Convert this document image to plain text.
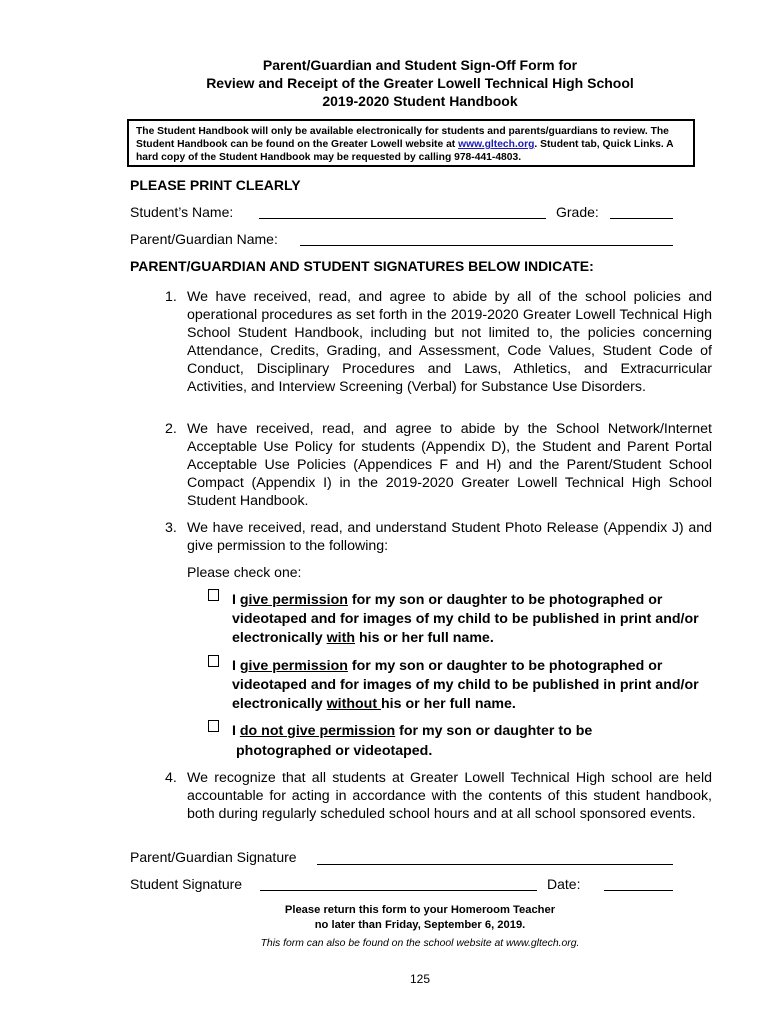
Parent/Guardian and Student Sign-Off Form for
Review and Receipt of the Greater Lowell Technical High School
2019-2020 Student Handbook
The Student Handbook will only be available electronically for students and parents/guardians to review. The Student Handbook can be found on the Greater Lowell website at www.gltech.org. Student tab, Quick Links. A hard copy of the Student Handbook may be requested by calling 978-441-4803.
PLEASE PRINT CLEARLY
Student’s Name:	Grade:
Parent/Guardian Name:
PARENT/GUARDIAN AND STUDENT SIGNATURES BELOW INDICATE:
1. We have received, read, and agree to abide by all of the school policies and operational procedures as set forth in the 2019-2020 Greater Lowell Technical High School Student Handbook, including but not limited to, the policies concerning Attendance, Credits, Grading, and Assessment, Code Values, Student Code of Conduct, Disciplinary Procedures and Laws, Athletics, and Extracurricular Activities, and Interview Screening (Verbal) for Substance Use Disorders.
2. We have received, read, and agree to abide by the School Network/Internet Acceptable Use Policy for students (Appendix D), the Student and Parent Portal Acceptable Use Policies (Appendices F and H) and the Parent/Student School Compact (Appendix I) in the 2019-2020 Greater Lowell Technical High School Student Handbook.
3. We have received, read, and understand Student Photo Release (Appendix J) and give permission to the following:
Please check one:
I give permission for my son or daughter to be photographed or videotaped and for images of my child to be published in print and/or electronically with his or her full name.
I give permission for my son or daughter to be photographed or videotaped and for images of my child to be published in print and/or electronically without his or her full name.
I do not give permission for my son or daughter to be
photographed or videotaped.
4. We recognize that all students at Greater Lowell Technical High school are held accountable for acting in accordance with the contents of this student handbook, both during regularly scheduled school hours and at all school sponsored events.
Parent/Guardian Signature
Student Signature	Date:
Please return this form to your Homeroom Teacher
no later than Friday, September 6, 2019.
This form can also be found on the school website at www.gltech.org.
125
